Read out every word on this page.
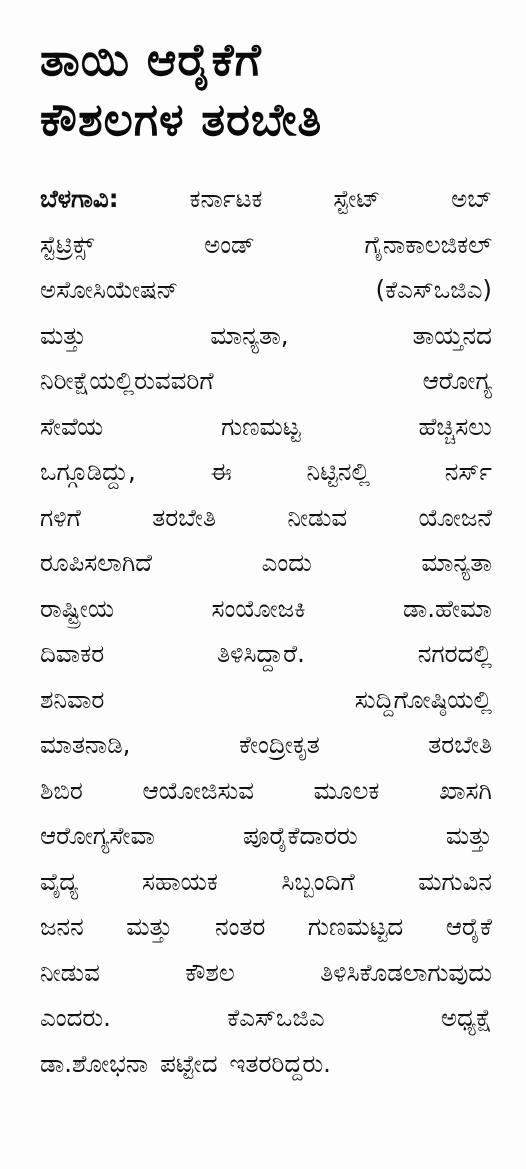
ತಾಯಿ ಆರೈಕೆಗೆ
ಕೌಶಲಗಳ ತರಬೇತಿ
ಬೆಳಗಾವಿ:	ಕರ್ನಾಟಕ	ಸ್ಟೇಟ್	ಅಬ್
ಸ್ಟೆಟ್ರಿಕ್ಸ್	ಅಂಡ್	ಗೈನಾಕಾಲಜಿಕಲ್
ಅಸೋಸಿಯೇಷನ್	(ಕೆಎಸ್‌ಒಜಿಎ)
ಮತ್ತು	ಮಾನ್ಯತಾ,	ತಾಯ್ತನದ
ನಿರೀಕ್ಷೆಯಲ್ಲಿರುವವರಿಗೆ	ಆರೋಗ್ಯ
ಸೇವೆಯ	ಗುಣಮಟ್ಟ	ಹೆಚ್ಚಿಸಲು
ಒಗ್ಗೂಡಿದ್ದು,	ಈ	ನಿಟ್ಟಿನಲ್ಲಿ	ನರ್ಸ್
ಗಳಿಗೆ	ತರಬೇತಿ	ನೀಡುವ	ಯೋಜನೆ
ರೂಪಿಸಲಾಗಿದೆ	ಎಂದು	ಮಾನ್ಯತಾ
ರಾಷ್ಟ್ರೀಯ	ಸಂಯೋಜಕಿ	ಡಾ.ಹೇಮಾ
ದಿವಾಕರ	ತಿಳಿಸಿದ್ದಾರೆ.	ನಗರದಲ್ಲಿ
ಶನಿವಾರ	ಸುದ್ದಿಗೋಷ್ಠಿಯಲ್ಲಿ
ಮಾತನಾಡಿ,	ಕೇಂದ್ರೀಕೃತ	ತರಬೇತಿ
ಶಿಬಿರ ಆಯೋಜಿಸುವ ಮೂಲಕ ಖಾಸಗಿ
ಆರೋಗ್ಯಸೇವಾ	ಪೂರೈಕೆದಾರರು	ಮತ್ತು
ವೈದ್ಯ	ಸಹಾಯಕ	ಸಿಬ್ಬಂದಿಗೆ	ಮಗುವಿನ
ಜನನ ಮತ್ತು ನಂತರ ಗುಣಮಟ್ಟದ ಆರೈಕೆ
ನೀಡುವ	ಕೌಶಲ	ತಿಳಿಸಿಕೊಡಲಾಗುವುದು
ಎಂದರು.	ಕೆಎಸ್‌ಒಜಿಎ	ಅಧ್ಯಕ್ಷೆ
ಡಾ.ಶೋಭನಾ ಪಟ್ಟೇದ ಇತರರಿದ್ದರು.
